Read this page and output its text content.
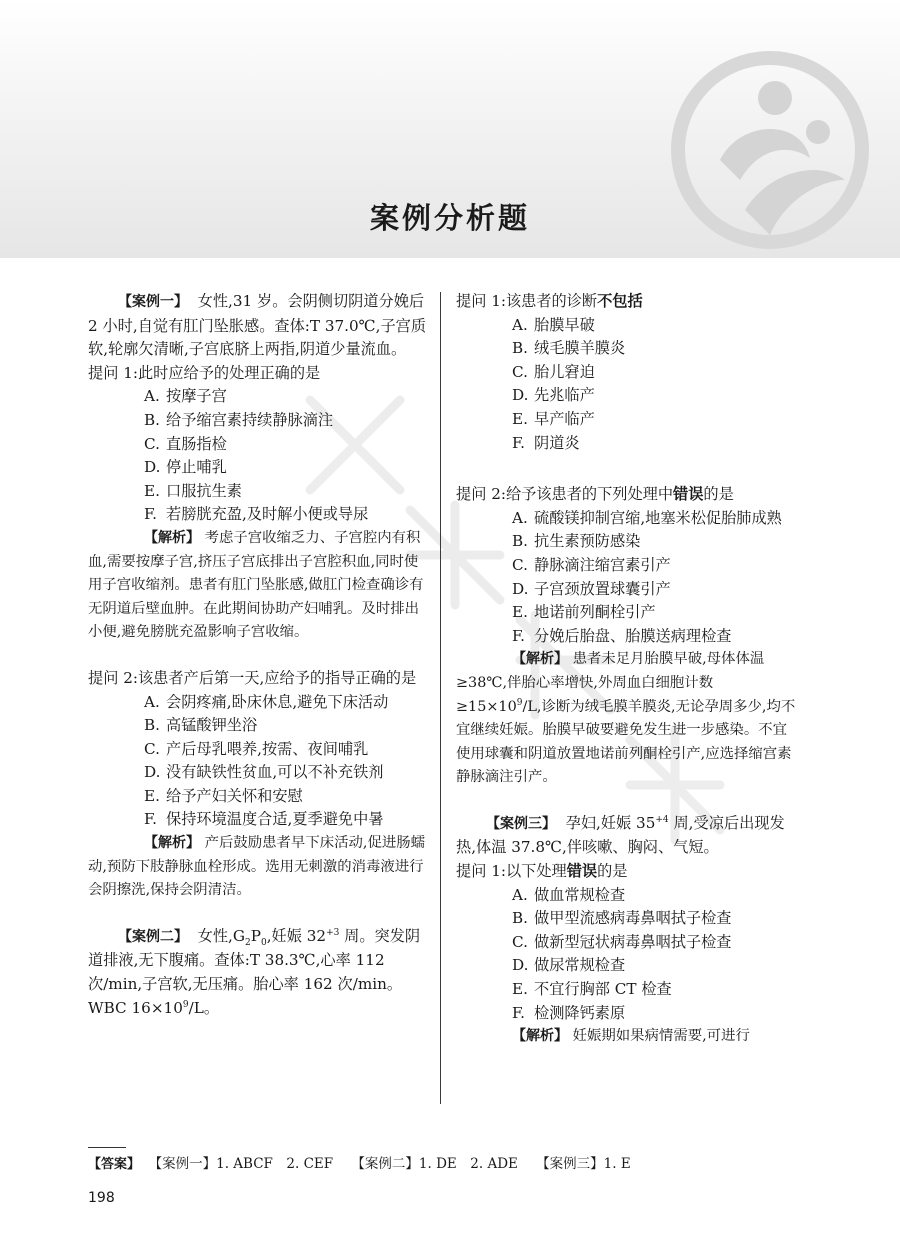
案例分析题

【案例一】 女性,31 岁。会阴侧切阴道分娩后 2 小时,自觉有肛门坠胀感。查体:T 37.0℃,子宫质软,轮廓欠清晰,子宫底脐上两指,阴道少量流血。

提问 1:此时应给予的处理正确的是

A. 按摩子宫
B. 给予缩宫素持续静脉滴注
C. 直肠指检
D. 停止哺乳
E. 口服抗生素
F. 若膀胱充盈,及时解小便或导尿

【解析】 考虑子宫收缩乏力、子宫腔内有积血,需要按摩子宫,挤压子宫底排出子宫腔积血,同时使用子宫收缩剂。患者有肛门坠胀感,做肛门检查确诊有无阴道后壁血肿。在此期间协助产妇哺乳。及时排出小便,避免膀胱充盈影响子宫收缩。

提问 2:该患者产后第一天,应给予的指导正确的是

A. 会阴疼痛,卧床休息,避免下床活动
B. 高锰酸钾坐浴
C. 产后母乳喂养,按需、夜间哺乳
D. 没有缺铁性贫血,可以不补充铁剂
E. 给予产妇关怀和安慰
F. 保持环境温度合适,夏季避免中暑

【解析】 产后鼓励患者早下床活动,促进肠蠕动,预防下肢静脉血栓形成。选用无刺激的消毒液进行会阴擦洗,保持会阴清洁。

【案例二】 女性$,G_2P_0$,妊娠 $32^{+3}$ 周。突发阴道排液,无下腹痛。查体:T 38.3℃,心率 112 次/min,子宫软,无压痛。胎心率 162 次/min。WBC $16\times 10^9/L$。

提问 1:该患者的诊断不包括

A. 胎膜早破
B. 绒毛膜羊膜炎
C. 胎儿窘迫
D. 先兆临产
E. 早产临产
F. 阴道炎

提问 2:给予该患者的下列处理中错误的是

A. 硫酸镁抑制宫缩,地塞米松促胎肺成熟
B. 抗生素预防感染
C. 静脉滴注缩宫素引产
D. 子宫颈放置球囊引产
E. 地诺前列酮栓引产
F. 分娩后胎盘、胎膜送病理检查

【解析】 患者未足月胎膜早破,母体体温≥38℃,伴胎心率增快,外周血白细胞计数$\ge 15\times 10^9/L$,诊断为绒毛膜羊膜炎,无论孕周多少,均不宜继续妊娠。胎膜早破要避免发生进一步感染。不宜使用球囊和阴道放置地诺前列酮栓引产,应选择缩宫素静脉滴注引产。

【案例三】 孕妇,妊娠 $35^{+4}$ 周,受凉后出现发热,体温 37.8℃,伴咳嗽、胸闷、气短。

提问 1:以下处理错误的是

A. 做血常规检查
B. 做甲型流感病毒鼻咽拭子检查
C. 做新型冠状病毒鼻咽拭子检查
D. 做尿常规检查
E. 不宜行胸部 CT 检查
F. 检测降钙素原

【解析】 妊娠期如果病情需要,可进行

【答案】 【案例一】1. ABCF　2. CEF 【案例二】1. DE　2. ADE 【案例三】1. E
198
